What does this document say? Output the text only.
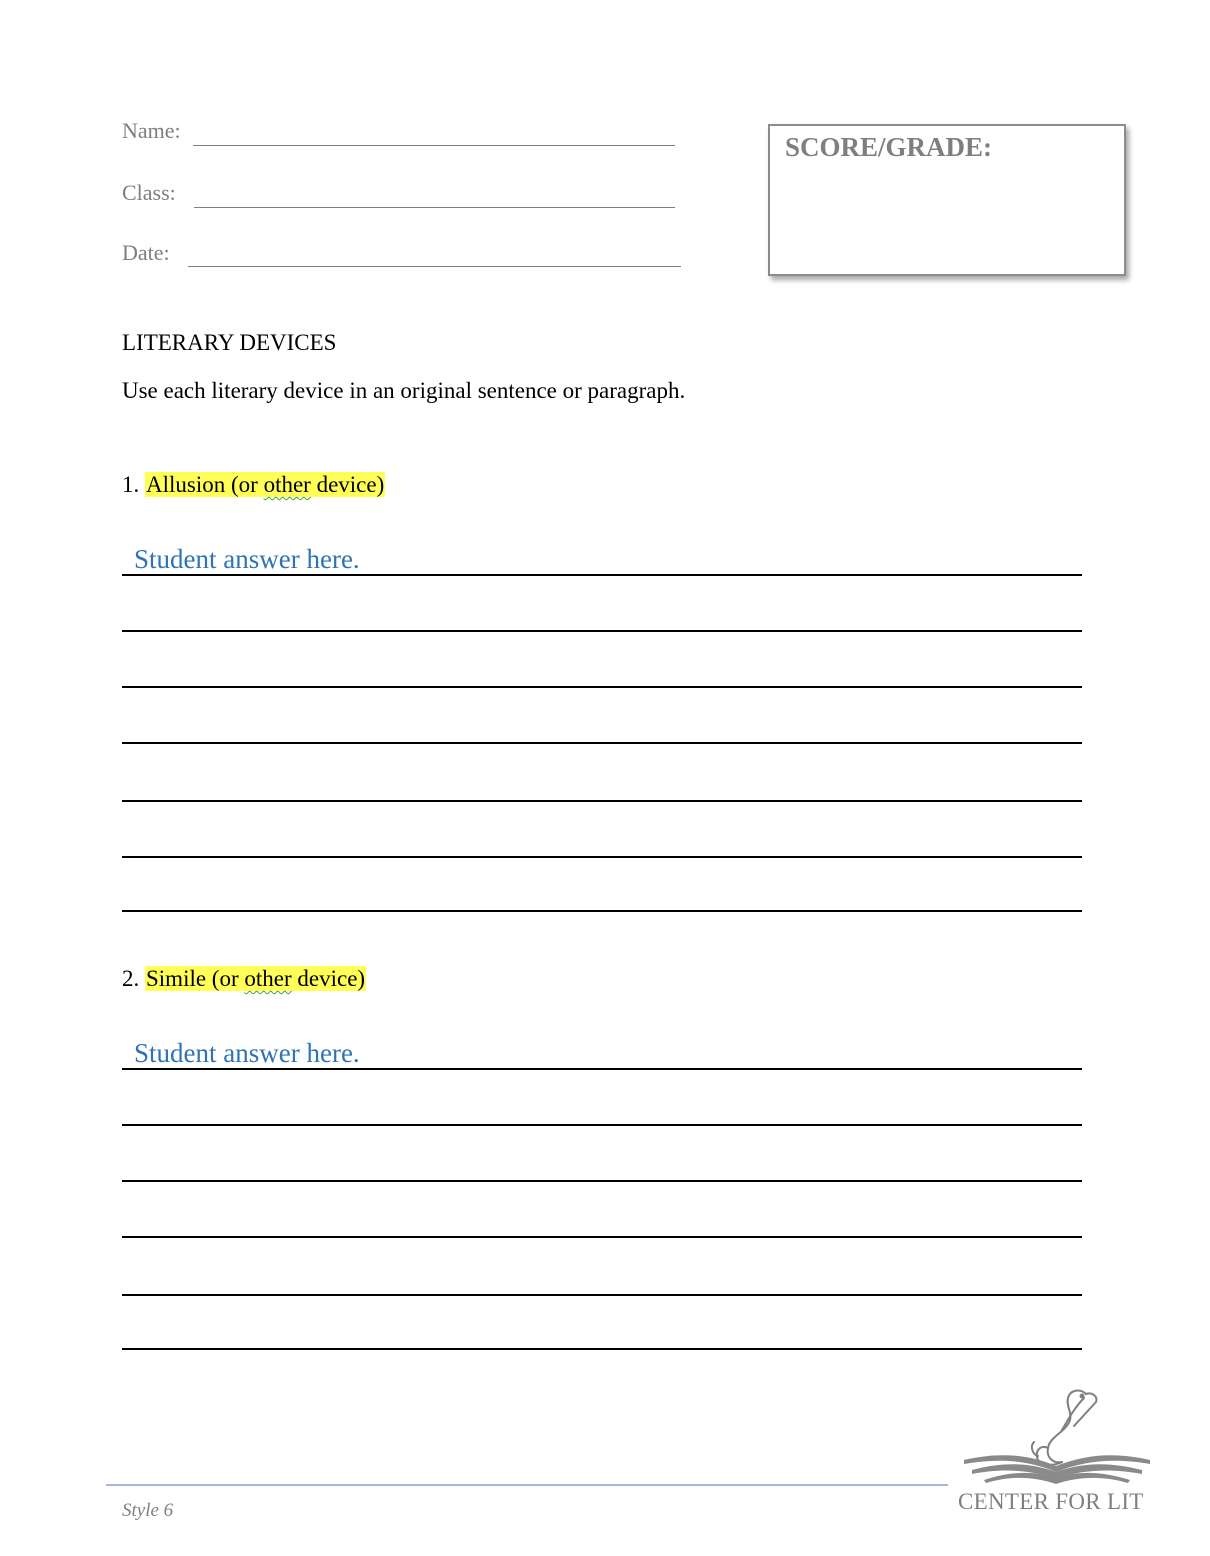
Name:
Class:
Date:
SCORE/GRADE:
LITERARY DEVICES
Use each literary device in an original sentence or paragraph.
1. Allusion (or other device)
Student answer here.
2. Simile (or other device)
Student answer here.
Style 6	CENTER FOR LIT
